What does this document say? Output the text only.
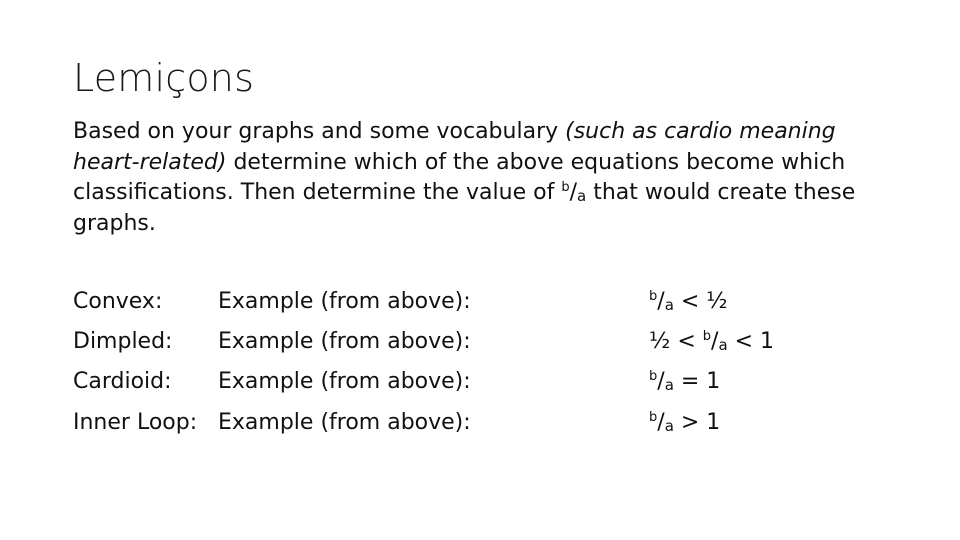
Lemiçons
Based on your graphs and some vocabulary (such as cardio meaning heart-related) determine which of the above equations become which classifications. Then determine the value of $^b$/a that would create these graphs.
Convex:	Example (from above):	$^b$/a < ½
Dimpled: Example (from above):	½ < $^b$/a < 1
Cardioid: Example (from above):	$^b$/a = 1
Inner Loop: Example (from above):	$^b$/a > 1
